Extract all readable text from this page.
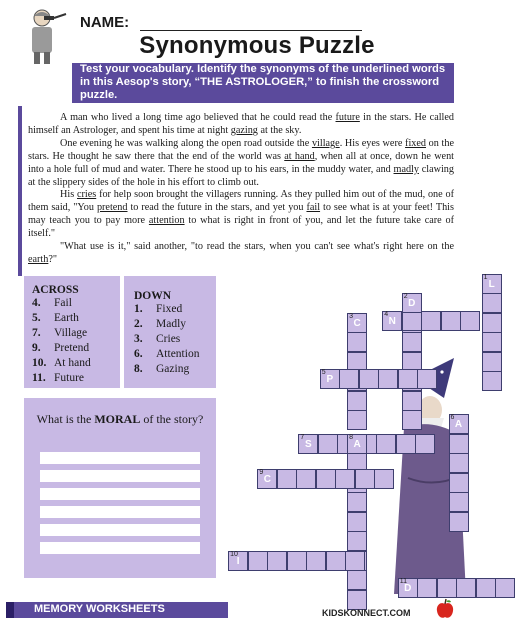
NAME:
Synonymous Puzzle
Test your vocabulary. Identify the synonyms of the underlined words in this Aesop's story, “THE ASTROLOGER,” to finish the crossword puzzle.

A man who lived a long time ago believed that he could read the future in the stars. He called himself an Astrologer, and spent his time at night gazing at the sky.

One evening he was walking along the open road outside the village. His eyes were fixed on the stars. He thought he saw there that the end of the world was at hand, when all at once, down he went into a hole full of mud and water. There he stood up to his ears, in the muddy water, and madly clawing at the slippery sides of the hole in his effort to climb out.

His cries for help soon brought the villagers running. As they pulled him out of the mud, one of them said, "You pretend to read the future in the stars, and yet you fail to see what is at your feet! This may teach you to pay more attention to what is right in front of you, and let the future take care of itself."

"What use is it," said another, "to read the stars, when you can't see what's right here on the earth?"

ACROSS
4. Fail
5. Earth
7. Village
9. Pretend
10. At hand
11. Future
DOWN
1. Fixed
2. Madly
3. Cries
6. Attention
8. Gazing
What is the MORAL of the story?
1
L
2
D
3
C
4
N
5
P
6
A
7
S
8
A
9
C
10
I
11
D
MEMORY WORKSHEETS	KIDSKONNECT.COM
